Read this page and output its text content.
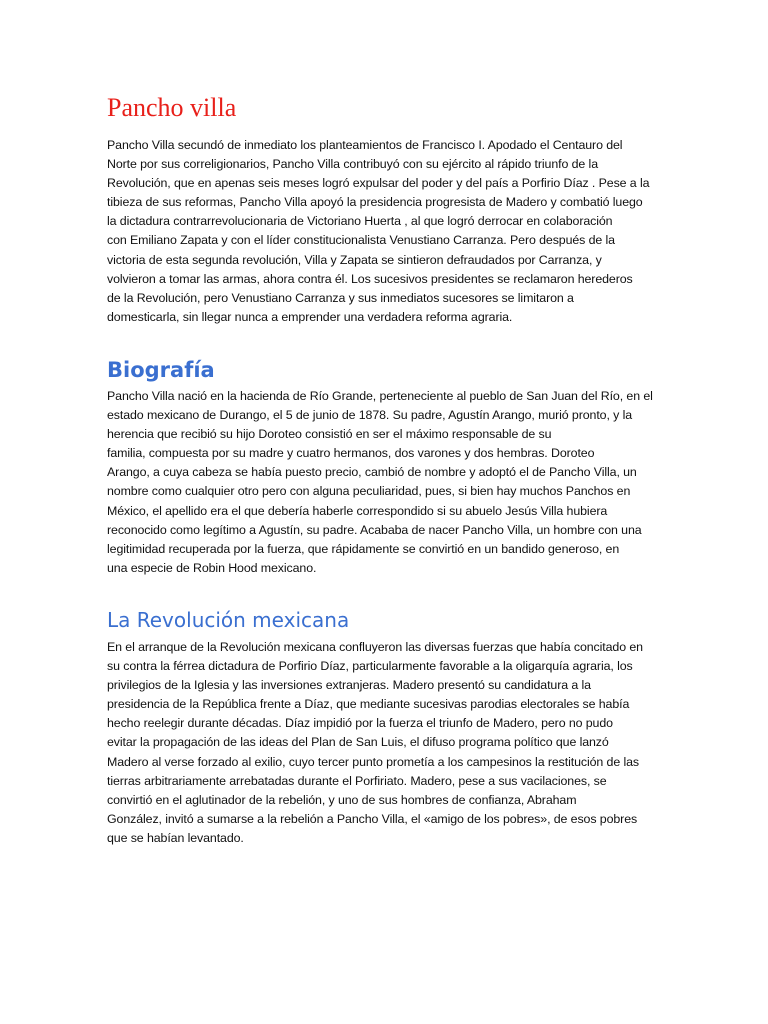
Pancho villa

Pancho Villa secundó de inmediato los planteamientos de Francisco I. Apodado el Centauro del
Norte por sus correligionarios, Pancho Villa contribuyó con su ejército al rápido triunfo de la
Revolución, que en apenas seis meses logró expulsar del poder y del país a Porfirio Díaz . Pese a la
tibieza de sus reformas, Pancho Villa apoyó la presidencia progresista de Madero y combatió luego
la dictadura contrarrevolucionaria de Victoriano Huerta , al que logró derrocar en colaboración
con Emiliano Zapata y con el líder constitucionalista Venustiano Carranza. Pero después de la
victoria de esta segunda revolución, Villa y Zapata se sintieron defraudados por Carranza, y
volvieron a tomar las armas, ahora contra él. Los sucesivos presidentes se reclamaron herederos
de la Revolución, pero Venustiano Carranza y sus inmediatos sucesores se limitaron a
domesticarla, sin llegar nunca a emprender una verdadera reforma agraria.

Biografía

Pancho Villa nació en la hacienda de Río Grande, perteneciente al pueblo de San Juan del Río, en el
estado mexicano de Durango, el 5 de junio de 1878. Su padre, Agustín Arango, murió pronto, y la
herencia que recibió su hijo Doroteo consistió en ser el máximo responsable de su
familia, compuesta por su madre y cuatro hermanos, dos varones y dos hembras. Doroteo
Arango, a cuya cabeza se había puesto precio, cambió de nombre y adoptó el de Pancho Villa, un
nombre como cualquier otro pero con alguna peculiaridad, pues, si bien hay muchos Panchos en
México, el apellido era el que debería haberle correspondido si su abuelo Jesús Villa hubiera
reconocido como legítimo a Agustín, su padre. Acababa de nacer Pancho Villa, un hombre con una
legitimidad recuperada por la fuerza, que rápidamente se convirtió en un bandido generoso, en
una especie de Robin Hood mexicano.

La Revolución mexicana

En el arranque de la Revolución mexicana confluyeron las diversas fuerzas que había concitado en
su contra la férrea dictadura de Porfirio Díaz, particularmente favorable a la oligarquía agraria, los
privilegios de la Iglesia y las inversiones extranjeras. Madero presentó su candidatura a la
presidencia de la República frente a Díaz, que mediante sucesivas parodias electorales se había
hecho reelegir durante décadas. Díaz impidió por la fuerza el triunfo de Madero, pero no pudo
evitar la propagación de las ideas del Plan de San Luis, el difuso programa político que lanzó
Madero al verse forzado al exilio, cuyo tercer punto prometía a los campesinos la restitución de las
tierras arbitrariamente arrebatadas durante el Porfiriato. Madero, pese a sus vacilaciones, se
convirtió en el aglutinador de la rebelión, y uno de sus hombres de confianza, Abraham
González, invitó a sumarse a la rebelión a Pancho Villa, el «amigo de los pobres», de esos pobres
que se habían levantado.
